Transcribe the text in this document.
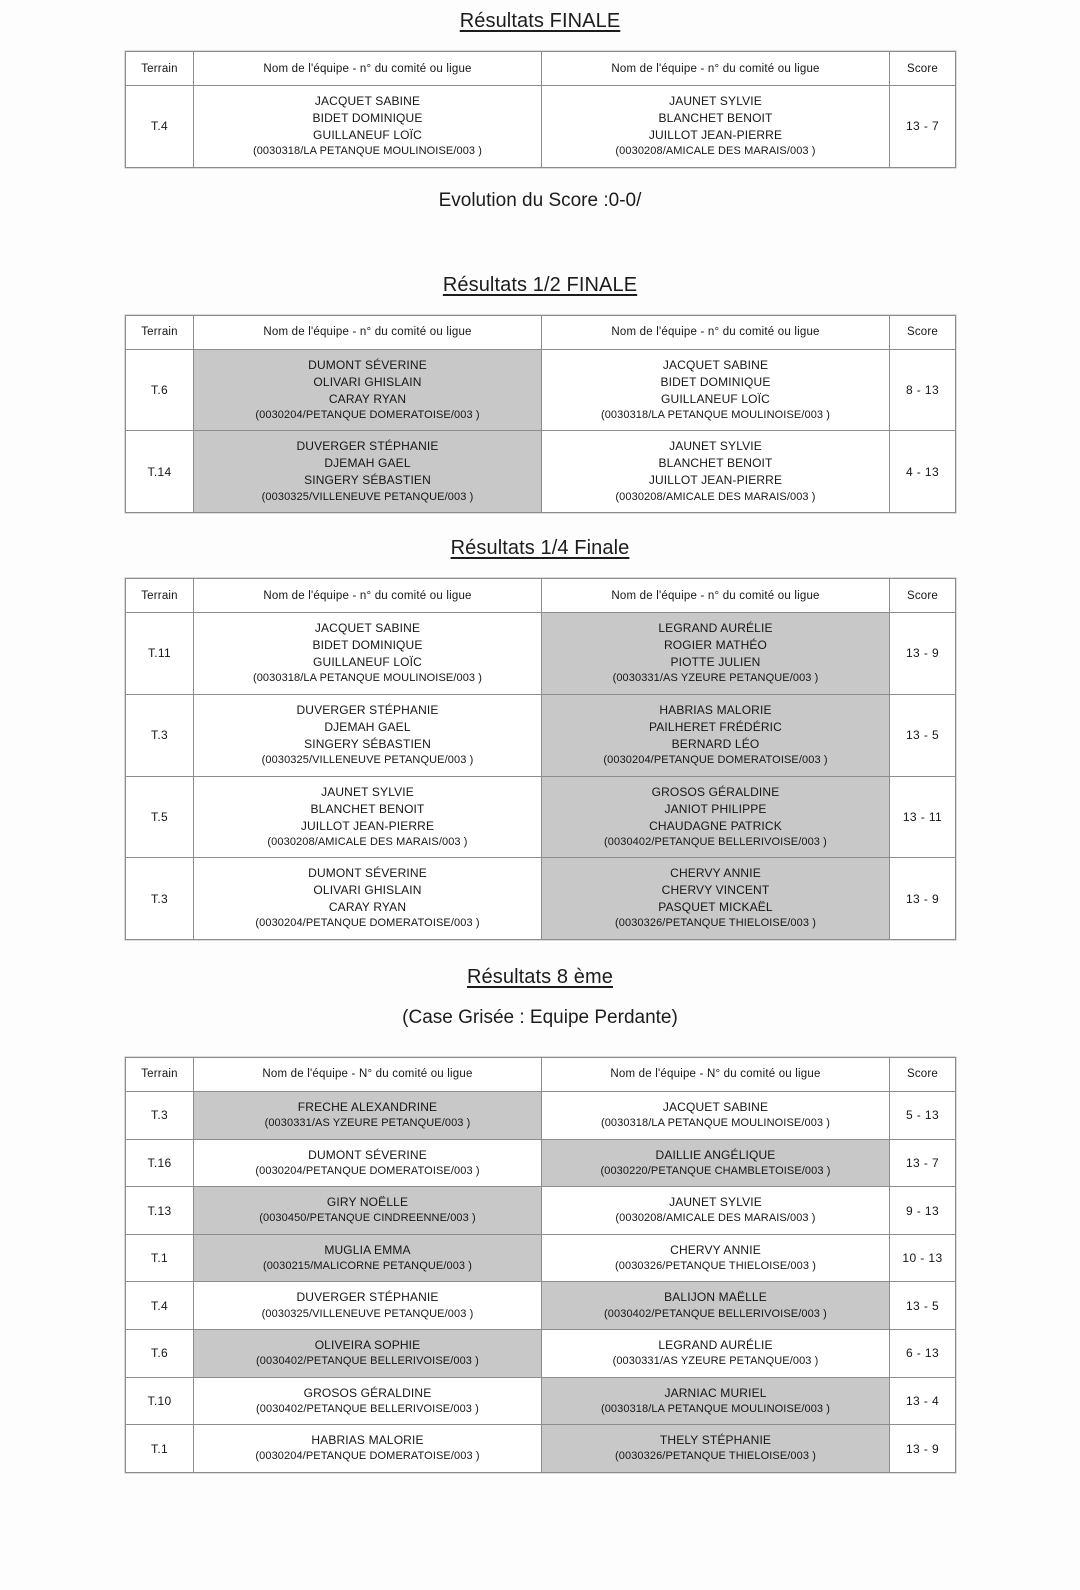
Résultats FINALE
Terrain	Nom de l'équipe - n° du comité ou ligue	Nom de l'équipe - n° du comité ou ligue	Score
T.4	
JACQUET SABINE
BIDET DOMINIQUE
GUILLANEUF LOÏC
(0030318/LA PETANQUE MOULINOISE/003 )

JAUNET SYLVIE
BLANCHET BENOIT
JUILLOT JEAN-PIERRE
(0030208/AMICALE DES MARAIS/003 )
	13 - 7
Evolution du Score :0-0/
Résultats 1/2 FINALE
Terrain	Nom de l'équipe - n° du comité ou ligue	Nom de l'équipe - n° du comité ou ligue	Score
T.6	
DUMONT SÉVERINE
OLIVARI GHISLAIN
CARAY RYAN
(0030204/PETANQUE DOMERATOISE/003 )

JACQUET SABINE
BIDET DOMINIQUE
GUILLANEUF LOÏC
(0030318/LA PETANQUE MOULINOISE/003 )
	8 - 13
T.14	
DUVERGER STÉPHANIE
DJEMAH GAEL
SINGERY SÉBASTIEN
(0030325/VILLENEUVE PETANQUE/003 )

JAUNET SYLVIE
BLANCHET BENOIT
JUILLOT JEAN-PIERRE
(0030208/AMICALE DES MARAIS/003 )
	4 - 13
Résultats 1/4 Finale
Terrain	Nom de l'équipe - n° du comité ou ligue	Nom de l'équipe - n° du comité ou ligue	Score
T.11	
JACQUET SABINE
BIDET DOMINIQUE
GUILLANEUF LOÏC
(0030318/LA PETANQUE MOULINOISE/003 )

LEGRAND AURÉLIE
ROGIER MATHÉO
PIOTTE JULIEN
(0030331/AS YZEURE PETANQUE/003 )
	13 - 9
T.3	
DUVERGER STÉPHANIE
DJEMAH GAEL
SINGERY SÉBASTIEN
(0030325/VILLENEUVE PETANQUE/003 )

HABRIAS MALORIE
PAILHERET FRÉDÉRIC
BERNARD LÉO
(0030204/PETANQUE DOMERATOISE/003 )
	13 - 5
T.5	
JAUNET SYLVIE
BLANCHET BENOIT
JUILLOT JEAN-PIERRE
(0030208/AMICALE DES MARAIS/003 )

GROSOS GÉRALDINE
JANIOT PHILIPPE
CHAUDAGNE PATRICK
(0030402/PETANQUE BELLERIVOISE/003 )
	13 - 11
T.3	
DUMONT SÉVERINE
OLIVARI GHISLAIN
CARAY RYAN
(0030204/PETANQUE DOMERATOISE/003 )

CHERVY ANNIE
CHERVY VINCENT
PASQUET MICKAËL
(0030326/PETANQUE THIELOISE/003 )
	13 - 9
Résultats 8 ème
(Case Grisée : Equipe Perdante)
Terrain	Nom de l'équipe - N° du comité ou ligue	Nom de l'équipe - N° du comité ou ligue	Score
T.3	
FRECHE ALEXANDRINE
(0030331/AS YZEURE PETANQUE/003 )

JACQUET SABINE
(0030318/LA PETANQUE MOULINOISE/003 )
	5 - 13
T.16	
DUMONT SÉVERINE
(0030204/PETANQUE DOMERATOISE/003 )

DAILLIE ANGÉLIQUE
(0030220/PETANQUE CHAMBLETOISE/003 )
	13 - 7
T.13	
GIRY NOËLLE
(0030450/PETANQUE CINDREENNE/003 )

JAUNET SYLVIE
(0030208/AMICALE DES MARAIS/003 )
	9 - 13
T.1	
MUGLIA EMMA
(0030215/MALICORNE PETANQUE/003 )

CHERVY ANNIE
(0030326/PETANQUE THIELOISE/003 )
	10 - 13
T.4	
DUVERGER STÉPHANIE
(0030325/VILLENEUVE PETANQUE/003 )

BALIJON MAËLLE
(0030402/PETANQUE BELLERIVOISE/003 )
	13 - 5
T.6	
OLIVEIRA SOPHIE
(0030402/PETANQUE BELLERIVOISE/003 )

LEGRAND AURÉLIE
(0030331/AS YZEURE PETANQUE/003 )
	6 - 13
T.10	
GROSOS GÉRALDINE
(0030402/PETANQUE BELLERIVOISE/003 )

JARNIAC MURIEL
(0030318/LA PETANQUE MOULINOISE/003 )
	13 - 4
T.1	
HABRIAS MALORIE
(0030204/PETANQUE DOMERATOISE/003 )

THELY STÉPHANIE
(0030326/PETANQUE THIELOISE/003 )
	13 - 9
